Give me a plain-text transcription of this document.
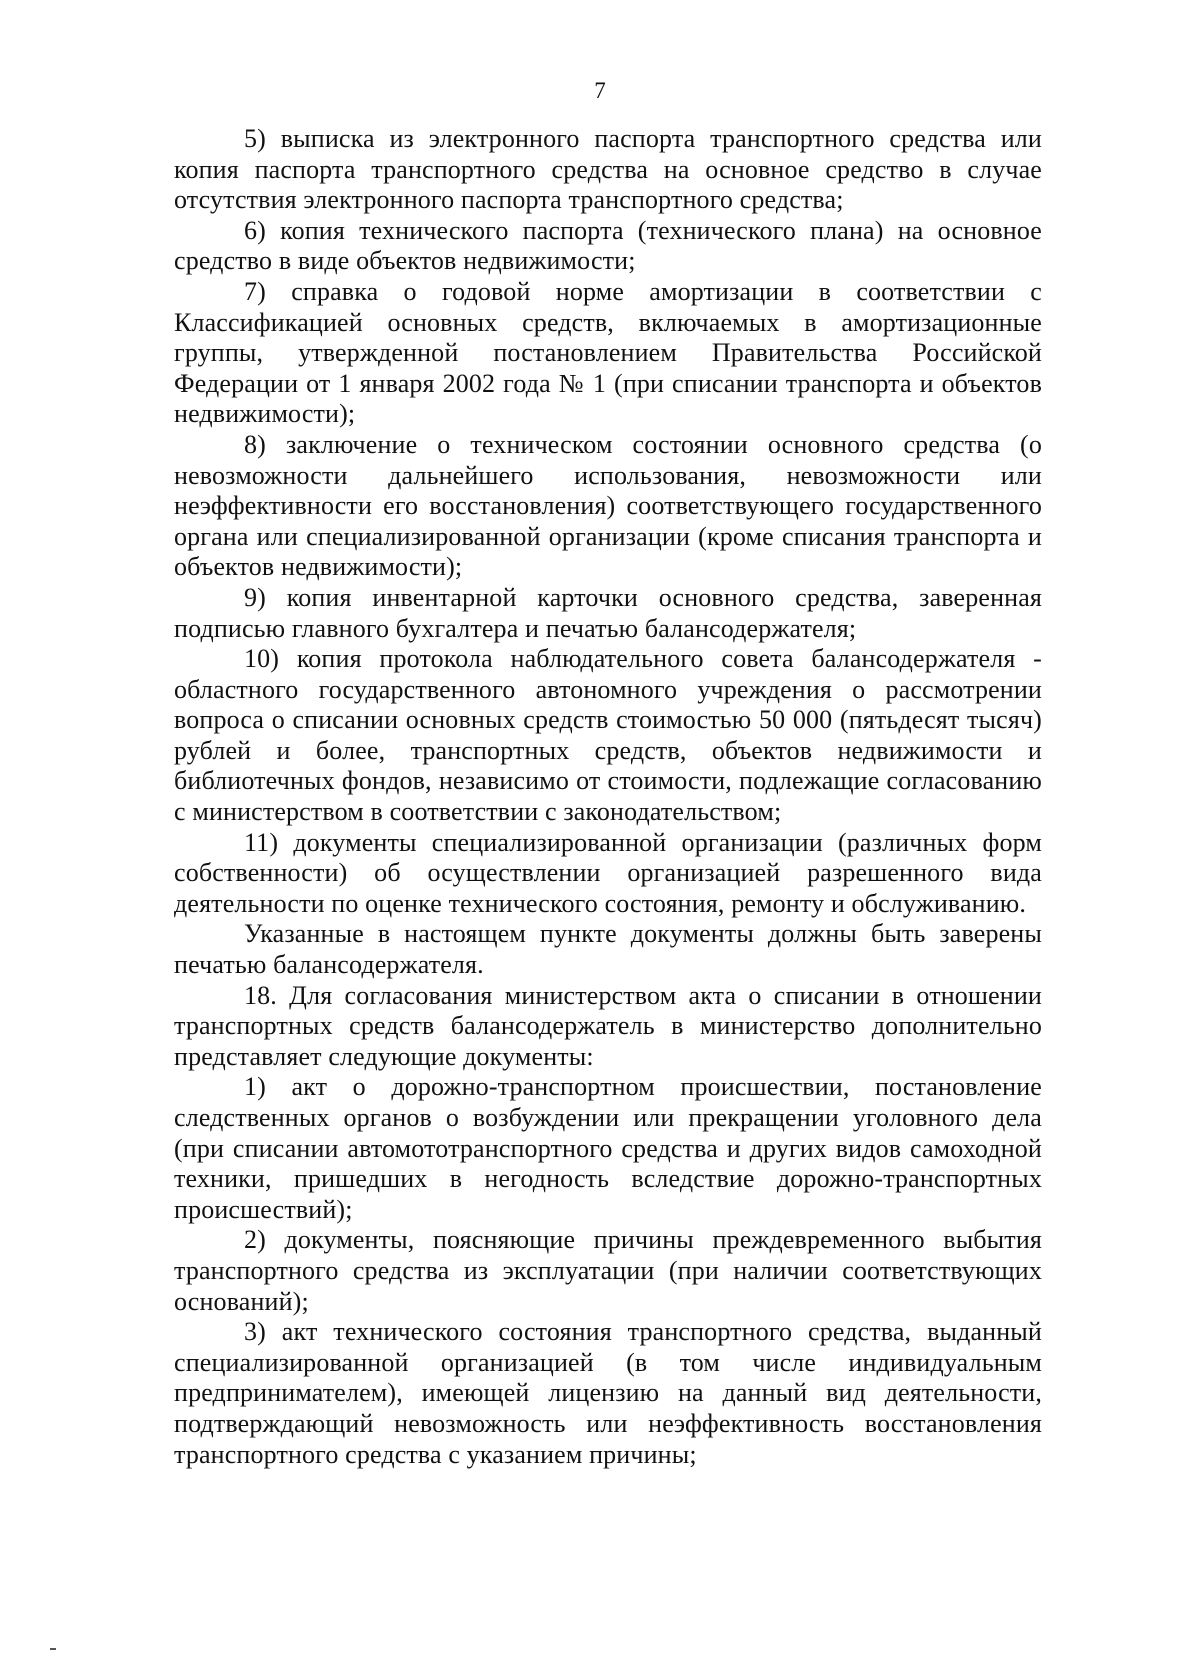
7

5) выписка из электронного паспорта транспортного средства или копия паспорта транспортного средства на основное средство в случае отсутствия электронного паспорта транспортного средства;

6) копия технического паспорта (технического плана) на основное средство в виде объектов недвижимости;

7) справка о годовой норме амортизации в соответствии с Классификацией основных средств, включаемых в амортизационные группы, утвержденной постановлением Правительства Российской Федерации от 1 января 2002 года № 1 (при списании транспорта и объектов недвижимости);

8) заключение о техническом состоянии основного средства (о невозможности дальнейшего использования, невозможности или неэффективности его восстановления) соответствующего государственного органа или специализированной организации (кроме списания транспорта и объектов недвижимости);

9) копия инвентарной карточки основного средства, заверенная подписью главного бухгалтера и печатью балансодержателя;

10) копия протокола наблюдательного совета балансодержателя - областного государственного автономного учреждения о рассмотрении вопроса о списании основных средств стоимостью 50 000 (пятьдесят тысяч) рублей и более, транспортных средств, объектов недвижимости и библиотечных фондов, независимо от стоимости, подлежащие согласованию с министерством в соответствии с законодательством;

11) документы специализированной организации (различных форм собственности) об осуществлении организацией разрешенного вида деятельности по оценке технического состояния, ремонту и обслуживанию.

Указанные в настоящем пункте документы должны быть заверены печатью балансодержателя.

18. Для согласования министерством акта о списании в отношении транспортных средств балансодержатель в министерство дополнительно представляет следующие документы:

1) акт о дорожно-транспортном происшествии, постановление следственных органов о возбуждении или прекращении уголовного дела (при списании автомототранспортного средства и других видов самоходной техники, пришедших в негодность вследствие дорожно-транспортных происшествий);

2) документы, поясняющие причины преждевременного выбытия транспортного средства из эксплуатации (при наличии соответствующих оснований);

3) акт технического состояния транспортного средства, выданный специализированной организацией (в том числе индивидуальным предпринимателем), имеющей лицензию на данный вид деятельности, подтверждающий невозможность или неэффективность восстановления транспортного средства с указанием причины;
